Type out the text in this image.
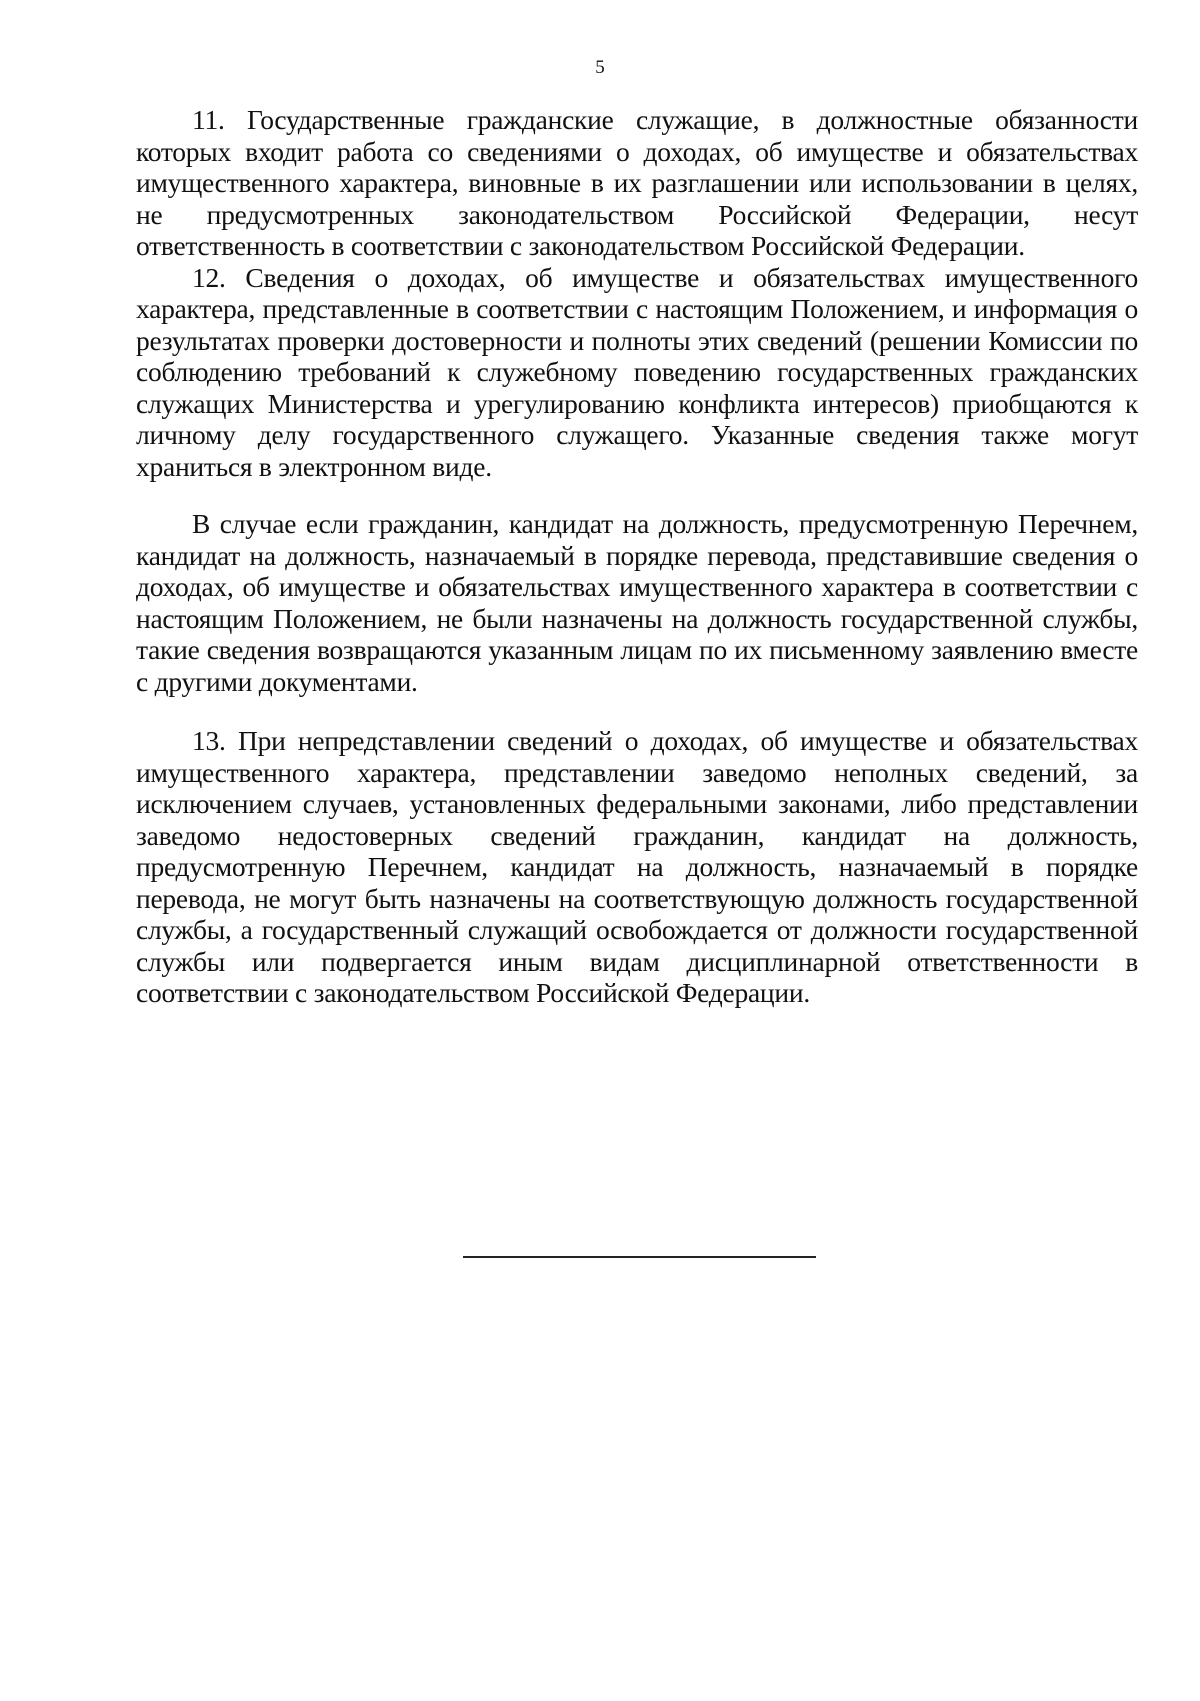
5

11. Государственные гражданские служащие, в должностные обязанности которых входит работа со сведениями о доходах, об имуществе и обязательствах имущественного характера, виновные в их разглашении или использовании в целях, не предусмотренных законодательством Российской Федерации, несут ответственность в соответствии с законодательством Российской Федерации.

12. Сведения о доходах, об имуществе и обязательствах имущественного характера, представленные в соответствии с настоящим Положением, и информация о результатах проверки достоверности и полноты этих сведений (решении Комиссии по соблюдению требований к служебному поведению государственных гражданских служащих Министерства и урегулированию конфликта интересов) приобщаются к личному делу государственного служащего. Указанные сведения также могут храниться в электронном виде.

В случае если гражданин, кандидат на должность, предусмотренную Перечнем, кандидат на должность, назначаемый в порядке перевода, представившие сведения о доходах, об имуществе и обязательствах имущественного характера в соответствии с настоящим Положением, не были назначены на должность государственной службы, такие сведения возвращаются указанным лицам по их письменному заявлению вместе с другими документами.

13. При непредставлении сведений о доходах, об имуществе и обязательствах имущественного характера, представлении заведомо неполных сведений, за исключением случаев, установленных федеральными законами, либо представлении заведомо недостоверных сведений гражданин, кандидат на должность, предусмотренную Перечнем, кандидат на должность, назначаемый в порядке перевода, не могут быть назначены на соответствующую должность государственной службы, а государственный служащий освобождается от должности государственной службы или подвергается иным видам дисциплинарной ответственности в соответствии с законодательством Российской Федерации.
